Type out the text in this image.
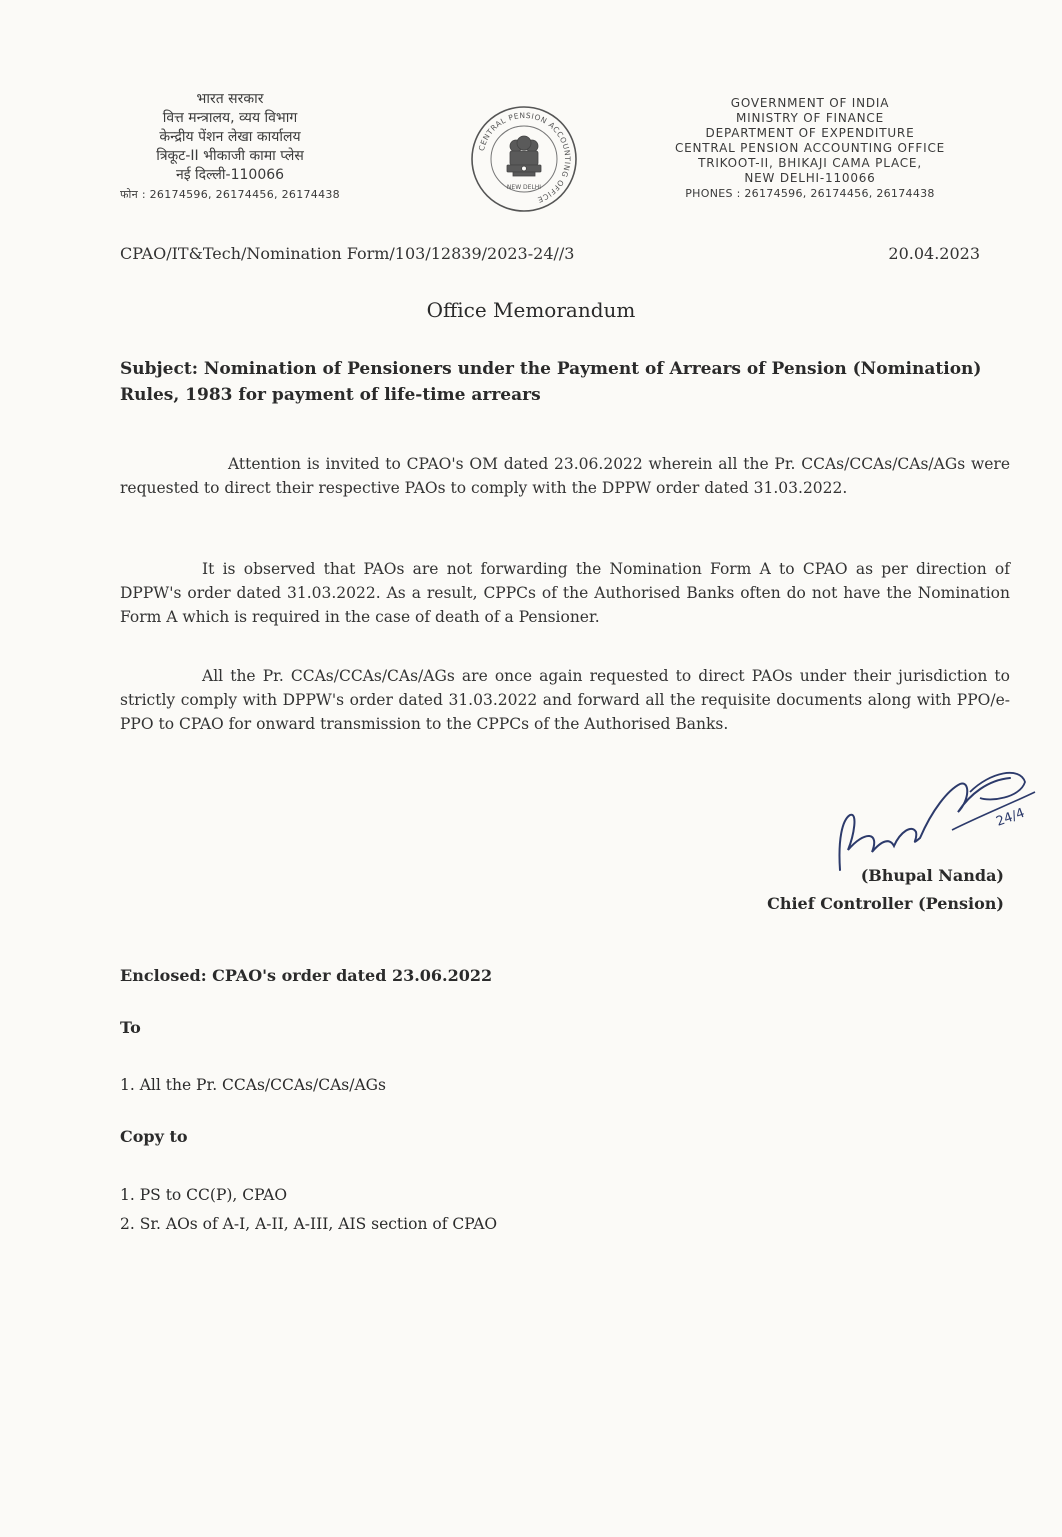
भारत सरकार
वित्त मन्त्रालय, व्यय विभाग
केन्द्रीय पेंशन लेखा कार्यालय
त्रिकूट-II भीकाजी कामा प्लेस
नई दिल्ली-110066
फोन : 26174596, 26174456, 26174438
CENTRAL PENSION ACCOUNTING OFFICE
NEW DELHI
GOVERNMENT OF INDIA
MINISTRY OF FINANCE
DEPARTMENT OF EXPENDITURE
CENTRAL PENSION ACCOUNTING OFFICE
TRIKOOT-II, BHIKAJI CAMA PLACE,
NEW DELHI-110066
PHONES : 26174596, 26174456, 26174438
CPAO/IT&Tech/Nomination Form/103/12839/2023-24//3	20.04.2023
Office Memorandum
Subject: Nomination of Pensioners under the Payment of Arrears of Pension (Nomination) Rules, 1983 for payment of life-time arrears

Attention is invited to CPAO's OM dated 23.06.2022 wherein all the Pr. CCAs/CCAs/CAs/AGs were requested to direct their respective PAOs to comply with the DPPW order dated 31.03.2022.

It is observed that PAOs are not forwarding the Nomination Form A to CPAO as per direction of DPPW's order dated 31.03.2022. As a result, CPPCs of the Authorised Banks often do not have the Nomination Form A which is required in the case of death of a Pensioner.

All the Pr. CCAs/CCAs/CAs/AGs are once again requested to direct PAOs under their jurisdiction to strictly comply with DPPW's order dated 31.03.2022 and forward all the requisite documents along with PPO/e-PPO to CPAO for onward transmission to the CPPCs of the Authorised Banks.

24/4
(Bhupal Nanda)
Chief Controller (Pension)
Enclosed: CPAO's order dated 23.06.2022
To
1. All the Pr. CCAs/CCAs/CAs/AGs
Copy to
1. PS to CC(P), CPAO
2. Sr. AOs of A-I, A-II, A-III, AIS section of CPAO
